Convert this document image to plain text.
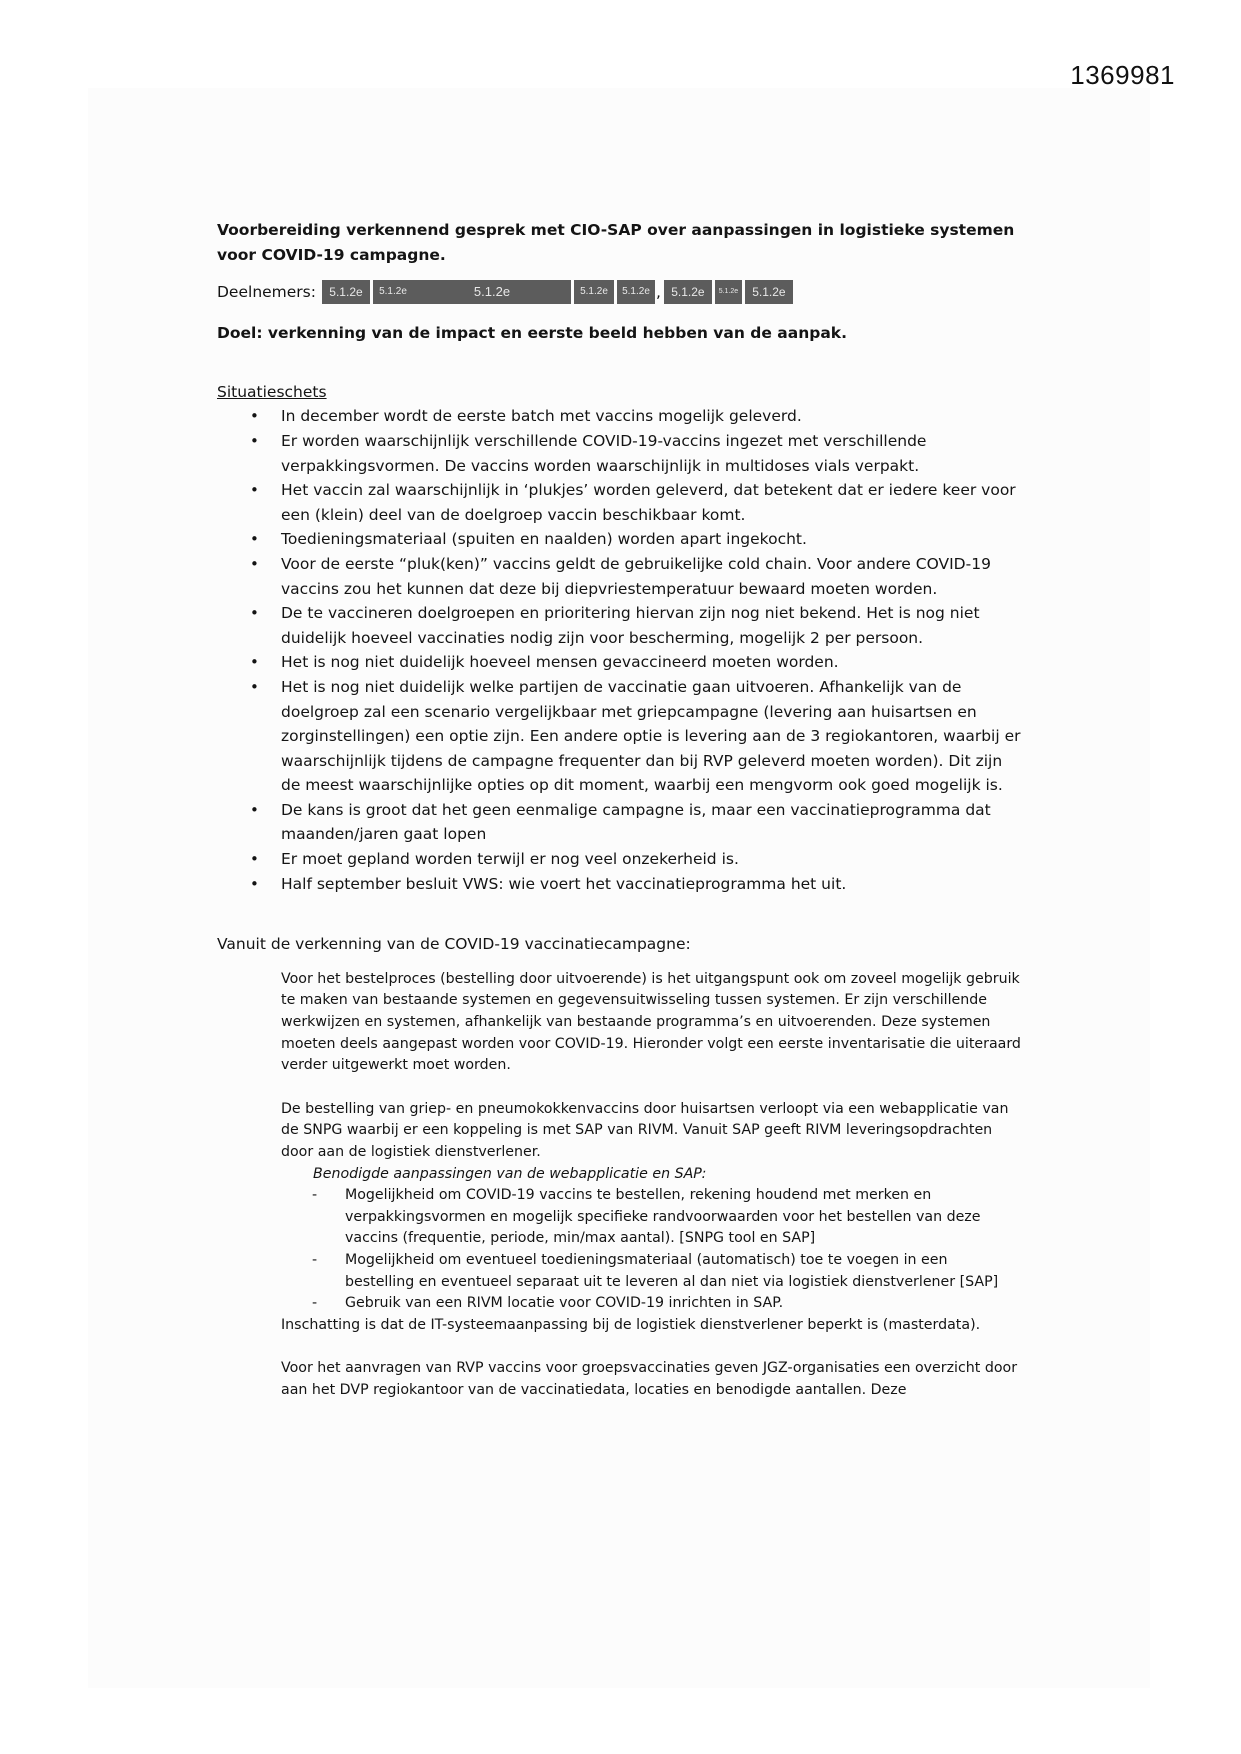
1369981

Voorbereiding verkennend gesprek met CIO-SAP over aanpassingen in logistieke systemen voor COVID-19 campagne.

Deelnemers:	5.1.2e	5.1.2e	5.1.2e	5.1.2e	5.1.2e , 5.1.2e	5.1.2e	5.1.2e
Doel: verkenning van de impact en eerste beeld hebben van de aanpak.
Situatieschets
• In december wordt de eerste batch met vaccins mogelijk geleverd.
• Er worden waarschijnlijk verschillende COVID-19-vaccins ingezet met verschillende verpakkingsvormen. De vaccins worden waarschijnlijk in multidoses vials verpakt.
• Het vaccin zal waarschijnlijk in ‘plukjes’ worden geleverd, dat betekent dat er iedere keer voor een (klein) deel van de doelgroep vaccin beschikbaar komt.
• Toedieningsmateriaal (spuiten en naalden) worden apart ingekocht.
• Voor de eerste “pluk(ken)” vaccins geldt de gebruikelijke cold chain. Voor andere COVID-19 vaccins zou het kunnen dat deze bij diepvriestemperatuur bewaard moeten worden.
• De te vaccineren doelgroepen en prioritering hiervan zijn nog niet bekend. Het is nog niet duidelijk hoeveel vaccinaties nodig zijn voor bescherming, mogelijk 2 per persoon.
• Het is nog niet duidelijk hoeveel mensen gevaccineerd moeten worden.
• Het is nog niet duidelijk welke partijen de vaccinatie gaan uitvoeren. Afhankelijk van de doelgroep zal een scenario vergelijkbaar met griepcampagne (levering aan huisartsen en zorginstellingen) een optie zijn. Een andere optie is levering aan de 3 regiokantoren, waarbij er waarschijnlijk tijdens de campagne frequenter dan bij RVP geleverd moeten worden). Dit zijn de meest waarschijnlijke opties op dit moment, waarbij een mengvorm ook goed mogelijk is.
• De kans is groot dat het geen eenmalige campagne is, maar een vaccinatieprogramma dat maanden/jaren gaat lopen
• Er moet gepland worden terwijl er nog veel onzekerheid is.
• Half september besluit VWS: wie voert het vaccinatieprogramma het uit.
Vanuit de verkenning van de COVID-19 vaccinatiecampagne:

Voor het bestelproces (bestelling door uitvoerende) is het uitgangspunt ook om zoveel mogelijk gebruik te maken van bestaande systemen en gegevensuitwisseling tussen systemen. Er zijn verschillende werkwijzen en systemen, afhankelijk van bestaande programma’s en uitvoerenden. Deze systemen moeten deels aangepast worden voor COVID-19. Hieronder volgt een eerste inventarisatie die uiteraard verder uitgewerkt moet worden.

De bestelling van griep- en pneumokokkenvaccins door huisartsen verloopt via een webapplicatie van de SNPG waarbij er een koppeling is met SAP van RIVM. Vanuit SAP geeft RIVM leveringsopdrachten door aan de logistiek dienstverlener.

Benodigde aanpassingen van de webapplicatie en SAP:

- Mogelijkheid om COVID-19 vaccins te bestellen, rekening houdend met merken en verpakkingsvormen en mogelijk specifieke randvoorwaarden voor het bestellen van deze vaccins (frequentie, periode, min/max aantal). [SNPG tool en SAP]
- Mogelijkheid om eventueel toedieningsmateriaal (automatisch) toe te voegen in een bestelling en eventueel separaat uit te leveren al dan niet via logistiek dienstverlener [SAP]
- Gebruik van een RIVM locatie voor COVID-19 inrichten in SAP.

Inschatting is dat de IT-systeemaanpassing bij de logistiek dienstverlener beperkt is (masterdata).

Voor het aanvragen van RVP vaccins voor groepsvaccinaties geven JGZ-organisaties een overzicht door aan het DVP regiokantoor van de vaccinatiedata, locaties en benodigde aantallen. Deze
